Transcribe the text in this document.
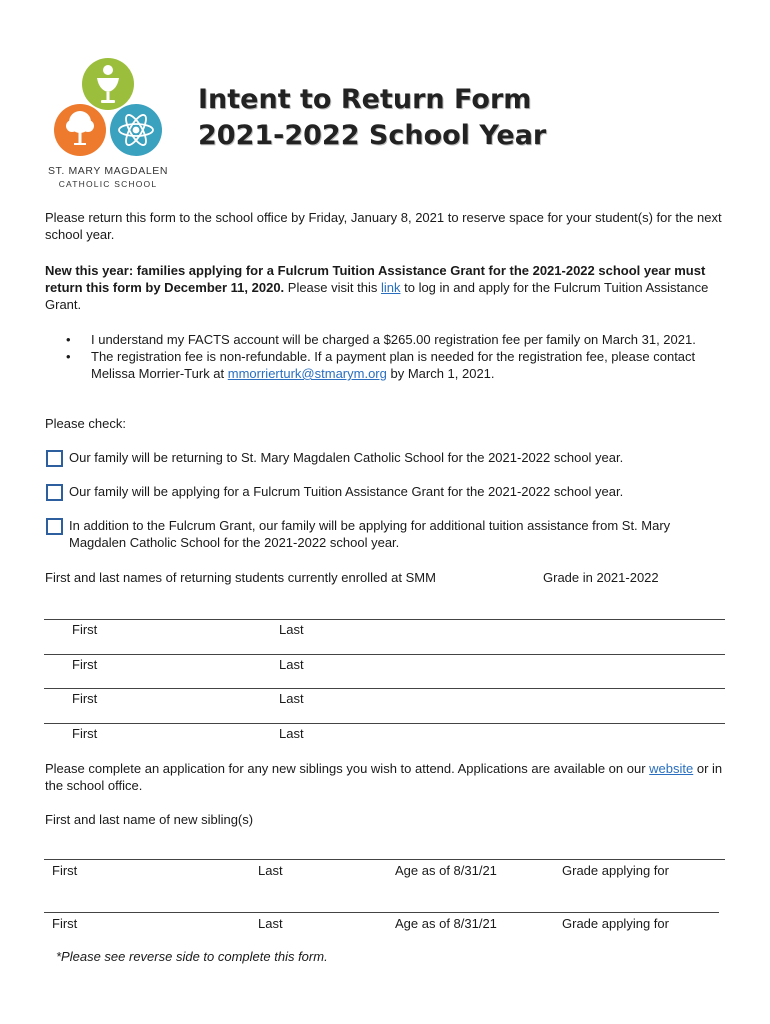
ST. MARY MAGDALEN
CATHOLIC SCHOOL
Intent to Return Form
2021-2022 School Year
Please return this form to the school office by Friday, January 8, 2021 to reserve space for your student(s) for the next school year.
New this year: families applying for a Fulcrum Tuition Assistance Grant for the 2021-2022 school year must return this form by December 11, 2020. Please visit this link to log in and apply for the Fulcrum Tuition Assistance Grant.
• I understand my FACTS account will be charged a $265.00 registration fee per family on March 31, 2021.
• The registration fee is non-refundable. If a payment plan is needed for the registration fee, please contact Melissa Morrier-Turk at mmorrierturk@stmarym.org by March 1, 2021.
Please check:
Our family will be returning to St. Mary Magdalen Catholic School for the 2021-2022 school year.
Our family will be applying for a Fulcrum Tuition Assistance Grant for the 2021-2022 school year.
In addition to the Fulcrum Grant, our family will be applying for additional tuition assistance from St. Mary Magdalen Catholic School for the 2021-2022 school year.
First and last names of returning students currently enrolled at SMM	Grade in 2021-2022
First	Last
First	Last
First	Last
First	Last
Please complete an application for any new siblings you wish to attend. Applications are available on our website or in the school office.
First and last name of new sibling(s)
First	Last	Age as of 8/31/21	Grade applying for
First	Last	Age as of 8/31/21	Grade applying for
*Please see reverse side to complete this form.
